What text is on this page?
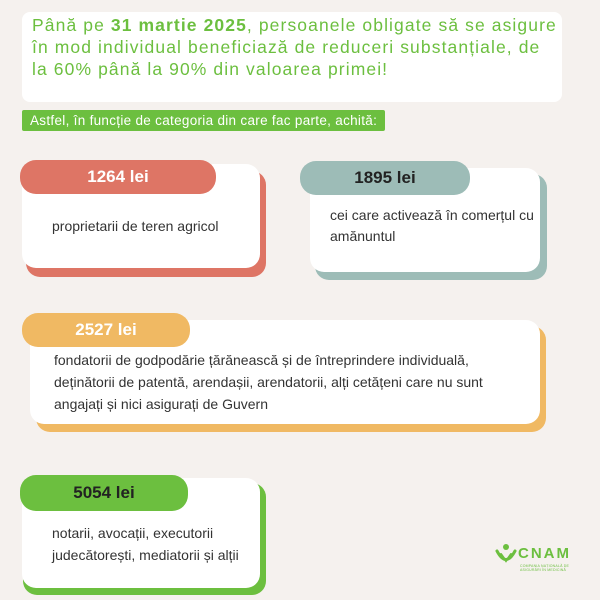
Până pe 31 martie 2025, persoanele obligate să se asigure în mod individual beneficiază de reduceri substanțiale, de la 60% până la 90% din valoarea primei!

Astfel, în funcție de categoria din care fac parte, achită:
proprietarii de teren agricol
1264 lei
cei care activează în comerțul cu amănuntul
1895 lei
fondatorii de godpodărie țărănească și de întreprindere individuală, deținătorii de patentă, arendașii, arendatorii, alți cetățeni care nu sunt angajați și nici asigurați de Guvern
2527 lei
notarii, avocații, executorii judecătorești, mediatorii și alții
5054 lei
CNAM
COMPANIA NAȚIONALĂ DE ASIGURĂRI ÎN MEDICINĂ
